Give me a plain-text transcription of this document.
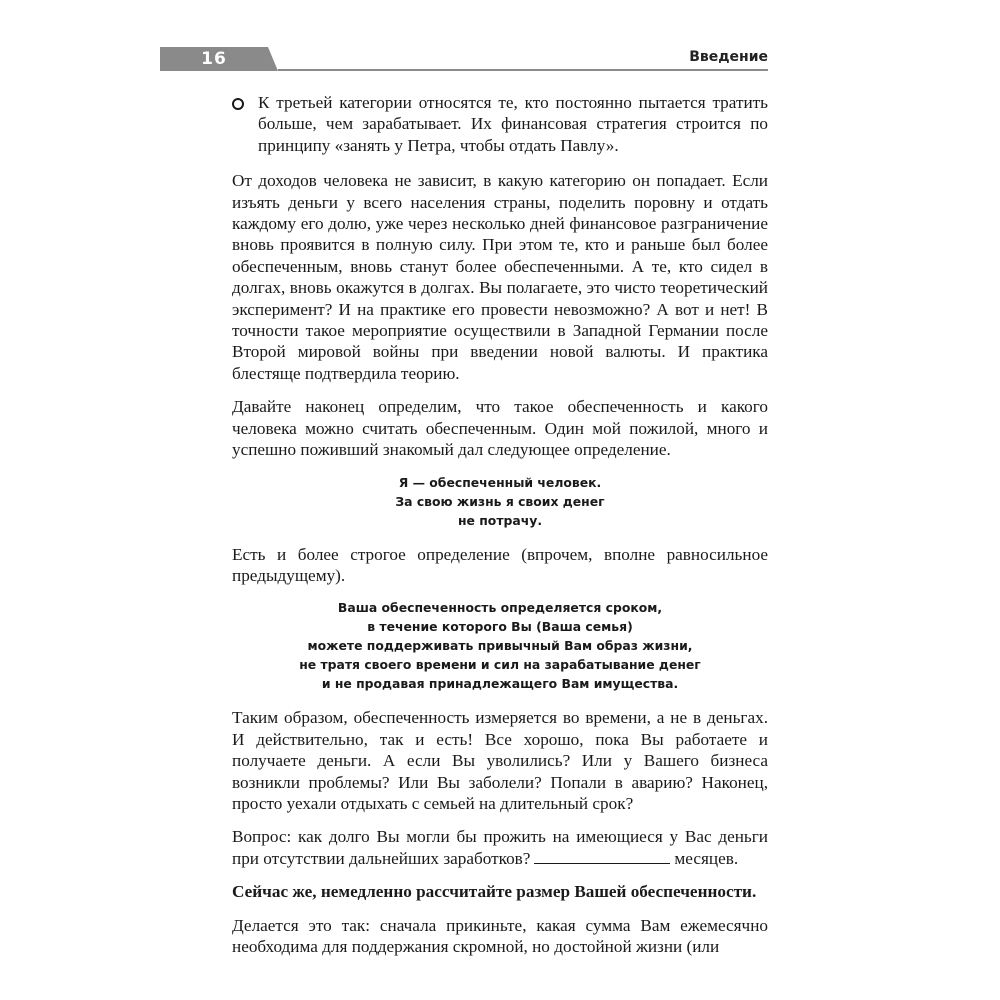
16	Введение
К третьей категории относятся те, кто постоянно пытается тратить больше, чем зарабатывает. Их финансовая стратегия строится по принципу «занять у Петра, чтобы отдать Павлу».

От доходов человека не зависит, в какую категорию он попадает. Если изъять деньги у всего населения страны, поделить поровну и отдать каждому его долю, уже через несколько дней финансовое разграничение вновь проявится в полную силу. При этом те, кто и раньше был более обеспеченным, вновь станут более обеспеченными. А те, кто сидел в долгах, вновь окажутся в долгах. Вы полагаете, это чисто теоретический эксперимент? И на практике его провести невозможно? А вот и нет! В точности такое мероприятие осуществили в Западной Германии после Второй мировой войны при введении новой валюты. И практика блестяще подтвердила теорию.

Давайте наконец определим, что такое обеспеченность и какого человека можно считать обеспеченным. Один мой пожилой, много и успешно поживший знакомый дал следующее определение.

Я — обеспеченный человек.
За свою жизнь я своих денег
не потрачу.

Есть и более строгое определение (впрочем, вполне равносильное предыдущему).

Ваша обеспеченность определяется сроком,
в течение которого Вы (Ваша семья)
можете поддерживать привычный Вам образ жизни,
не тратя своего времени и сил на зарабатывание денег
и не продавая принадлежащего Вам имущества.

Таким образом, обеспеченность измеряется во времени, а не в деньгах. И действительно, так и есть! Все хорошо, пока Вы работаете и получаете деньги. А если Вы уволились? Или у Вашего бизнеса возникли проблемы? Или Вы заболели? Попали в аварию? Наконец, просто уехали отдыхать с семьей на длительный срок?

Вопрос: как долго Вы могли бы прожить на имеющиеся у Вас деньги при отсутствии дальнейших заработков?	месяцев.

Сейчас же, немедленно рассчитайте размер Вашей обеспеченности.

Делается это так: сначала прикиньте, какая сумма Вам ежемесячно необходима для поддержания скромной, но достойной жизни (или
